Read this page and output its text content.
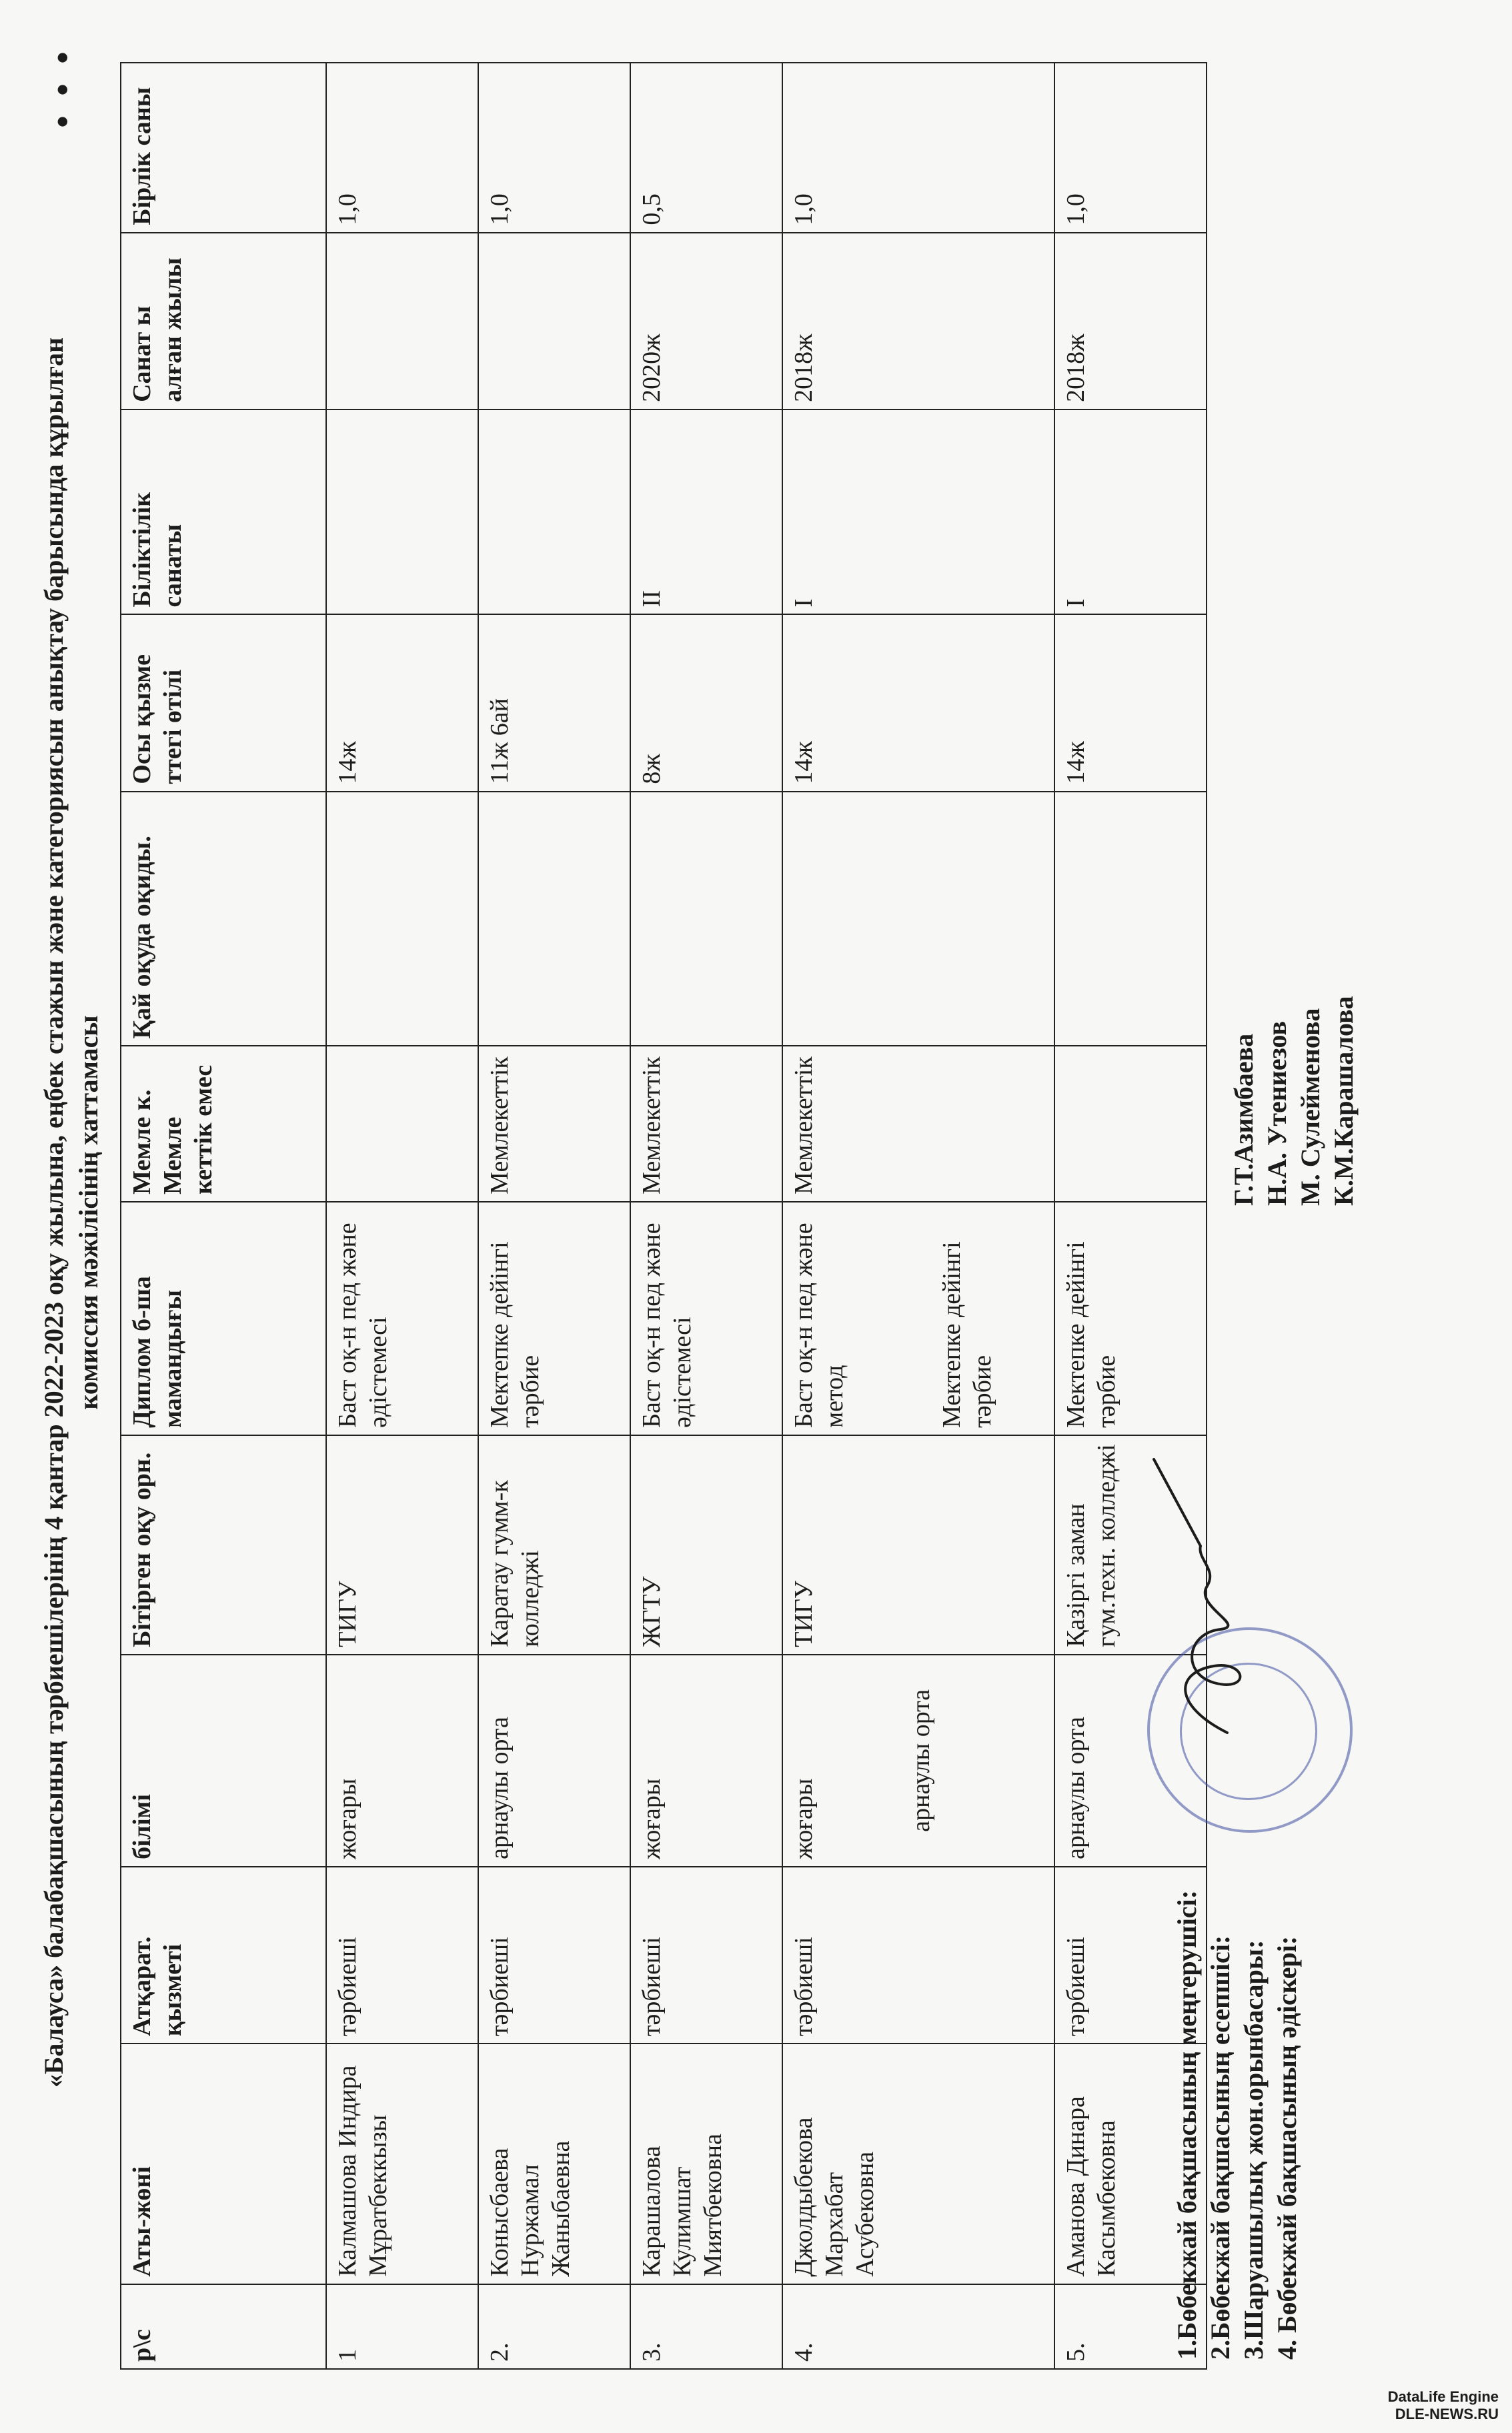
• • •
«Балауса» балабақшасының тәрбиешілерінің 4 қантар 2022-2023 оқу жылына, еңбек стажын және категориясын анықтау барысында құрылған комиссия мәжілісінің хаттамасы
р\с	Аты-жөні	Атқарат. қызметі	білімі	Бітірген оқу орн.	Диплом б-ша мамандығы	Мемле к. Мемле кеттік емес	Қай оқуда оқиды.	Осы қызме ттегі өтілі	Біліктілік санаты	Санат ы алған жылы	Бірлік саны
1	Калмашова Индира Мұратбеккызы	тәрбиеші	жоғары	ТИГУ	Баст оқ-н пед және әдістемесі			14ж			1,0
2.	Конысбаева Нуржамал Жаныбаевна	тәрбиеші	арнаулы орта	Каратау гумм-к колледжі	Мектепке дейінгі тәрбие	Мемлекеттік		11ж 6ай			1,0
3.	Карашалова Кулимшат Миятбековна	тәрбиеші	жоғары	ЖГТУ	Баст оқ-н пед және әдістемесі	Мемлекеттік		8ж	II	2020ж	0,5
4.	Джолдыбекова Мархабат Асубековна	тәрбиеші	жоғары арнаулы орта	ТИГУ	Баст оқ-н пед және метод Мектепке дейінгі тәрбие	Мемлекеттік		14ж	I	2018ж	1,0
5.	Аманова Динара Касымбековна	тәрбиеші	арнаулы орта	Қазіргі заман гум.техн. колледжі	Мектепке дейінгі тәрбие			14ж	I	2018ж	1,0
1.Бөбекжай бақшасының меңгерушісі: 2.Бөбекжай бақшасының есепшісі: 3.Шаруашылық жон.орынбасары: 4. Бөбекжай бақшасының әдіскері:
Г.Т.Азимбаева Н.А. Утениезов М. Сулейменова К.М.Карашалова
DataLife Engine
DLE-NEWS.RU
